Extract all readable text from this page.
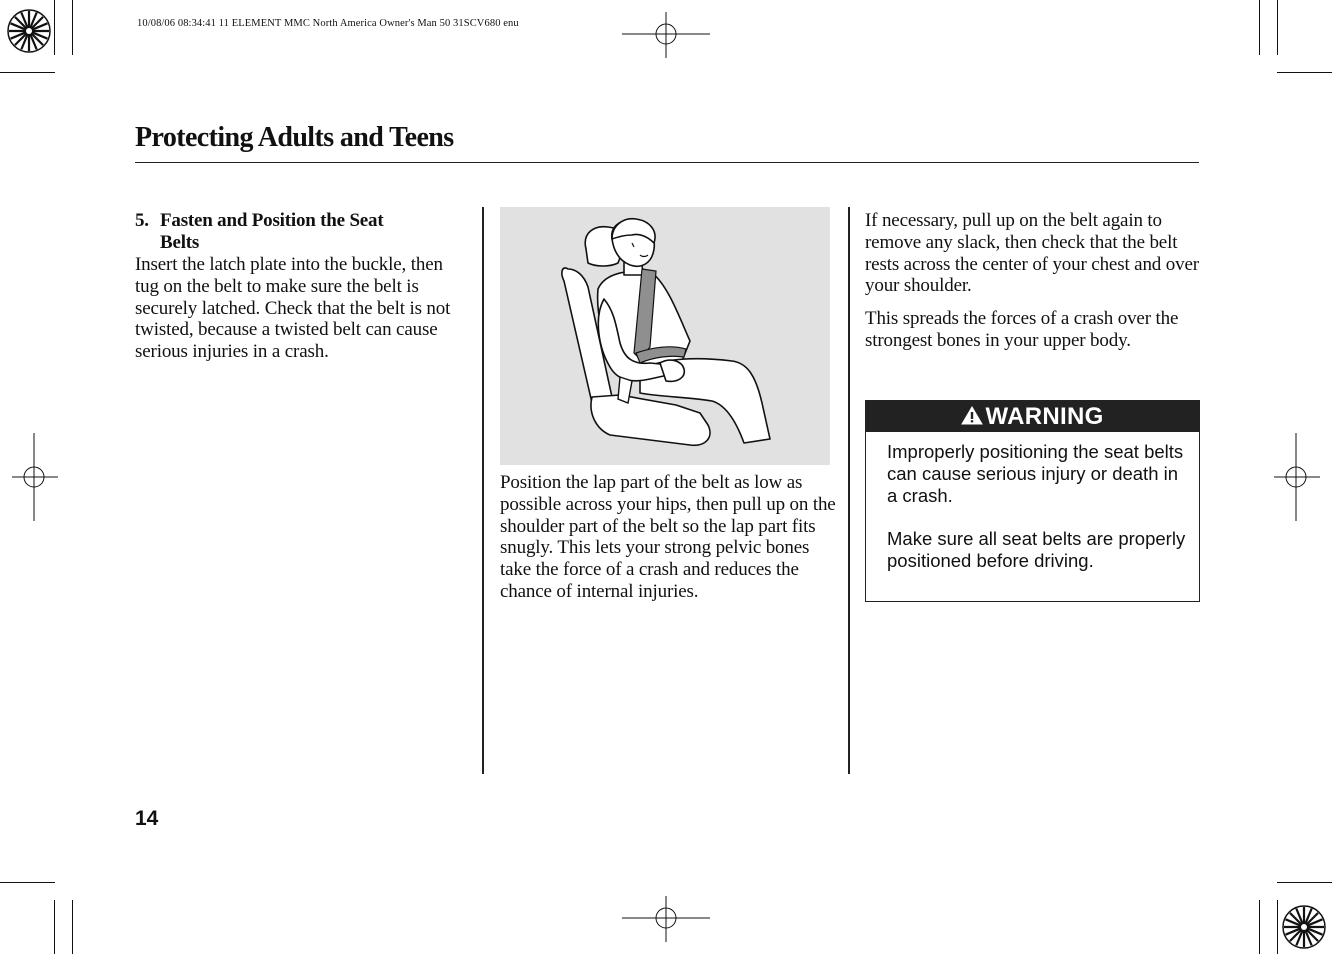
10/08/06 08:34:41 11 ELEMENT MMC North America Owner's Man 50 31SCV680 enu
Protecting Adults and Teens
5. Fasten and Position the Seat
Belts

Insert the latch plate into the buckle, then tug on the belt to make sure the belt is securely latched. Check that the belt is not twisted, because a twisted belt can cause serious injuries in a crash.

Position the lap part of the belt as low as possible across your hips, then pull up on the shoulder part of the belt so the lap part fits snugly. This lets your strong pelvic bones take the force of a crash and reduces the chance of internal injuries.

If necessary, pull up on the belt again to remove any slack, then check that the belt rests across the center of your chest and over your shoulder.

This spreads the forces of a crash over the strongest bones in your upper body.

WARNING

Improperly positioning the seat belts can cause serious injury or death in a crash.

Make sure all seat belts are properly positioned before driving.

14
